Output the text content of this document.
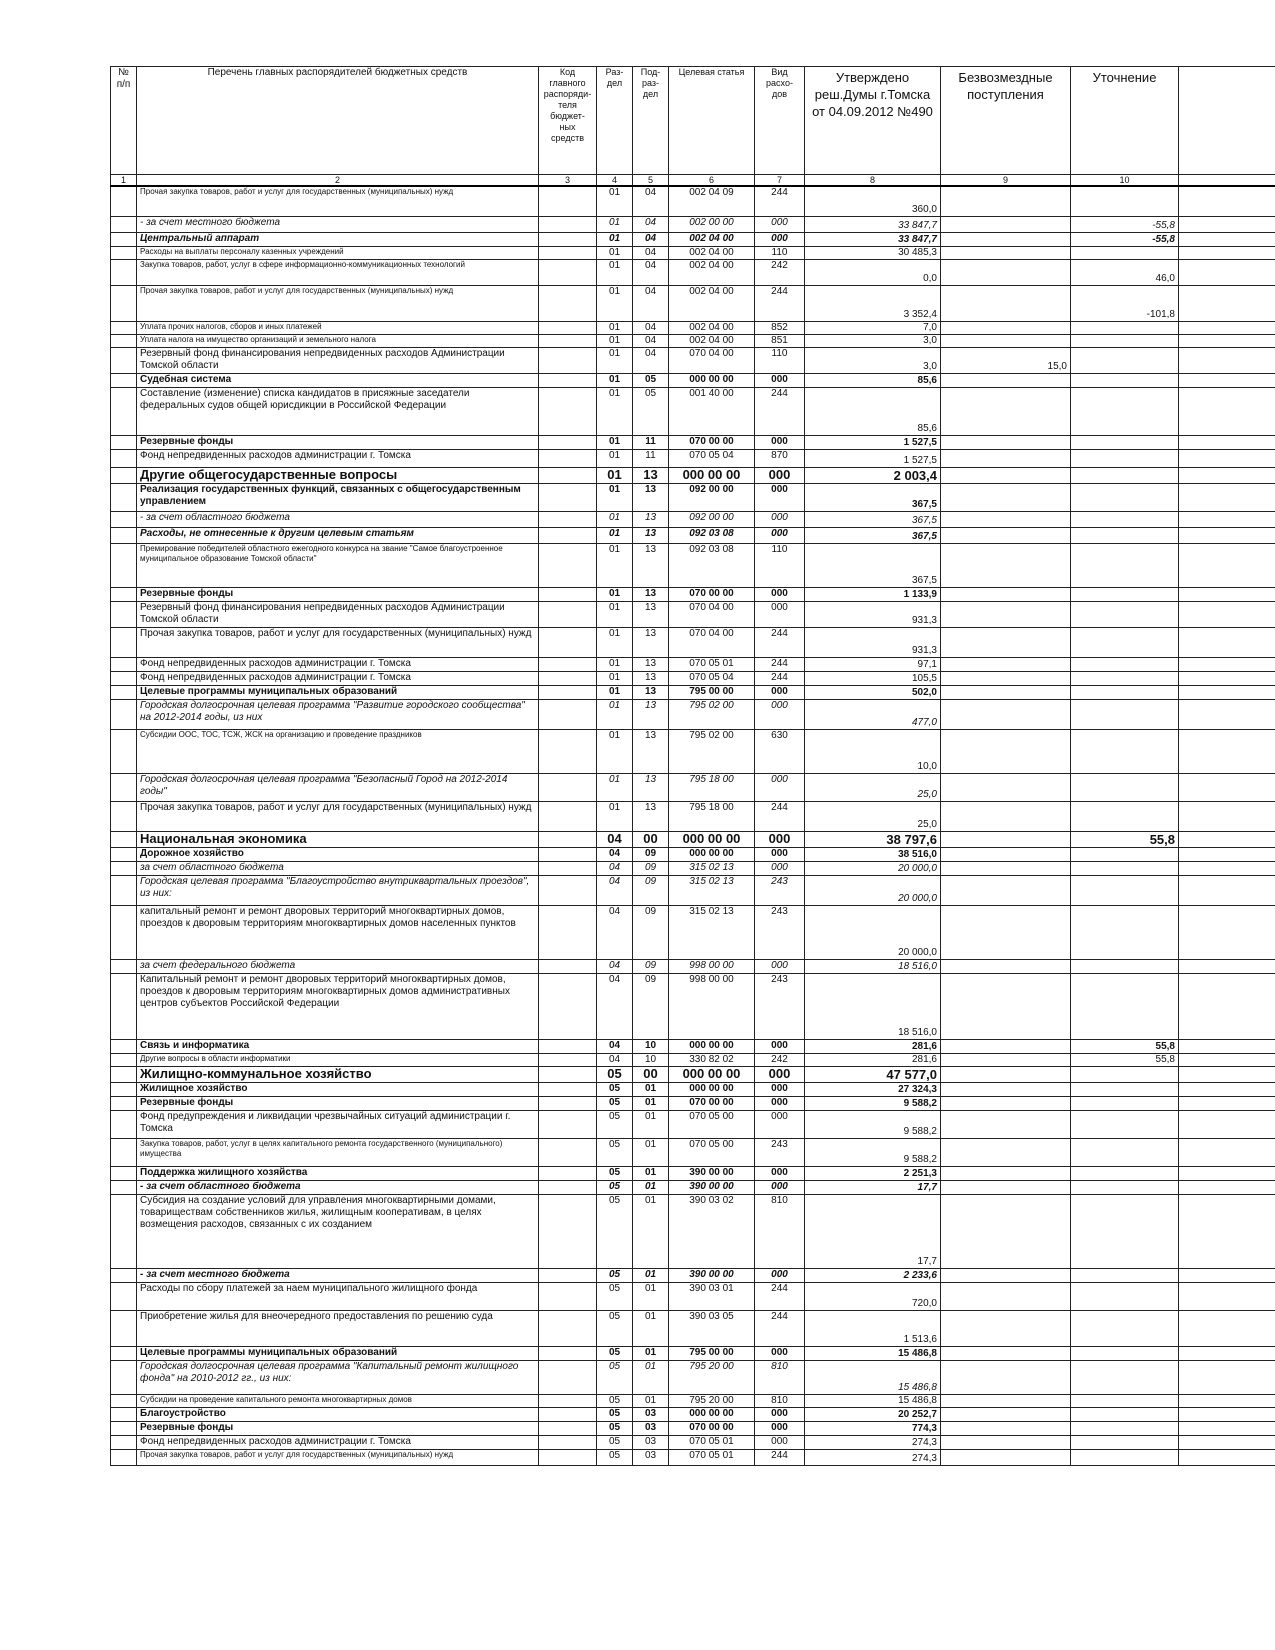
№ п/п	Перечень главных распорядителей бюджетных средств	Код главного распоряди- теля бюджет- ных средств	Раз- дел	Под- раз- дел	Целевая статья	Вид расхо- дов	Утверждено реш.Думы г.Томска от 04.09.2012 №490	Безвозмездные поступления	Уточнение	
1	2	3	4	5	6	7	8	9	10	
	Прочая закупка товаров, работ и услуг для государственных (муниципальных) нужд		01	04	002 04 09	244	360,0			
	- за счет местного бюджета		01	04	002 00 00	000	33 847,7		-55,8	
	Центральный аппарат		01	04	002 04 00	000	33 847,7		-55,8	
	Расходы на выплаты персоналу казенных учреждений		01	04	002 04 00	110	30 485,3			
	Закупка товаров, работ, услуг в сфере информационно-коммуникационных технологий		01	04	002 04 00	242	0,0		46,0	
	Прочая закупка товаров, работ и услуг для государственных (муниципальных) нужд		01	04	002 04 00	244	3 352,4		-101,8	
	Уплата прочих налогов, сборов и иных платежей		01	04	002 04 00	852	7,0			
	Уплата налога на имущество организаций и земельного налога		01	04	002 04 00	851	3,0			
	Резервный фонд финансирования непредвиденных расходов Администрации Томской области		01	04	070 04 00	110	3,0	15,0		
	Судебная система		01	05	000 00 00	000	85,6			
	Составление (изменение) списка кандидатов в присяжные заседатели федеральных судов общей юрисдикции в Российской Федерации		01	05	001 40 00	244	85,6			
	Резервные фонды		01	11	070 00 00	000	1 527,5			
	Фонд непредвиденных расходов администрации г. Томска		01	11	070 05 04	870	1 527,5			
	Другие общегосударственные вопросы		01	13	000 00 00	000	2 003,4			
	Реализация государственных функций, связанных с общегосударственным управлением		01	13	092 00 00	000	367,5			
	- за счет областного бюджета		01	13	092 00 00	000	367,5			
	Расходы, не отнесенные к другим целевым статьям		01	13	092 03 08	000	367,5			
	Премирование победителей областного ежегодного конкурса на звание "Самое благоустроенное муниципальное образование Томской области"		01	13	092 03 08	110	367,5			
	Резервные фонды		01	13	070 00 00	000	1 133,9			
	Резервный фонд финансирования непредвиденных расходов Администрации Томской области		01	13	070 04 00	000	931,3			
	Прочая закупка товаров, работ и услуг для государственных (муниципальных) нужд		01	13	070 04 00	244	931,3			
	Фонд непредвиденных расходов администрации г. Томска		01	13	070 05 01	244	97,1			
	Фонд непредвиденных расходов администрации г. Томска		01	13	070 05 04	244	105,5			
	Целевые программы муниципальных образований		01	13	795 00 00	000	502,0			
	Городская долгосрочная целевая программа "Развитие городского сообщества" на 2012-2014 годы, из них		01	13	795 02 00	000	477,0			
	Субсидии ООС, ТОС, ТСЖ, ЖСК на организацию и проведение праздников		01	13	795 02 00	630	10,0			
	Городская долгосрочная целевая программа "Безопасный Город на 2012-2014 годы"		01	13	795 18 00	000	25,0			
	Прочая закупка товаров, работ и услуг для государственных (муниципальных) нужд		01	13	795 18 00	244	25,0			
	Национальная экономика		04	00	000 00 00	000	38 797,6		55,8	
	Дорожное хозяйство		04	09	000 00 00	000	38 516,0			
	за счет областного бюджета		04	09	315 02 13	000	20 000,0			
	Городская целевая программа "Благоустройство внутриквартальных проездов", из них:		04	09	315 02 13	243	20 000,0			
	капитальный ремонт и ремонт дворовых территорий многоквартирных домов, проездов к дворовым территориям многоквартирных домов населенных пунктов		04	09	315 02 13	243	20 000,0			
	за счет федерального бюджета		04	09	998 00 00	000	18 516,0			
	Капитальный ремонт и ремонт дворовых территорий многоквартирных домов, проездов к дворовым территориям многоквартирных домов административных центров субъектов Российской Федерации		04	09	998 00 00	243	18 516,0			
	Связь и информатика		04	10	000 00 00	000	281,6		55,8	
	Другие вопросы в области информатики		04	10	330 82 02	242	281,6		55,8	
	Жилищно-коммунальное хозяйство		05	00	000 00 00	000	47 577,0			
	Жилищное хозяйство		05	01	000 00 00	000	27 324,3			
	Резервные фонды		05	01	070 00 00	000	9 588,2			
	Фонд предупреждения и ликвидации чрезвычайных ситуаций администрации г. Томска		05	01	070 05 00	000	9 588,2			
	Закупка товаров, работ, услуг в целях капитального ремонта государственного (муниципального) имущества		05	01	070 05 00	243	9 588,2			
	Поддержка жилищного хозяйства		05	01	390 00 00	000	2 251,3			
	- за счет областного бюджета		05	01	390 00 00	000	17,7			
	Субсидия на создание условий для управления многоквартирными домами, товариществам собственников жилья, жилищным кооперативам, в целях возмещения расходов, связанных с их созданием		05	01	390 03 02	810	17,7			
	- за счет местного бюджета		05	01	390 00 00	000	2 233,6			
	Расходы по сбору платежей за наем муниципального жилищного фонда		05	01	390 03 01	244	720,0			
	Приобретение жилья для внеочередного предоставления по решению суда		05	01	390 03 05	244	1 513,6			
	Целевые программы муниципальных образований		05	01	795 00 00	000	15 486,8			
	Городская долгосрочная целевая программа "Капитальный ремонт жилищного фонда" на 2010-2012 гг., из них:		05	01	795 20 00	810	15 486,8			
	Субсидии на проведение капитального ремонта многоквартирных домов		05	01	795 20 00	810	15 486,8			
	Благоустройство		05	03	000 00 00	000	20 252,7			
	Резервные фонды		05	03	070 00 00	000	774,3			
	Фонд непредвиденных расходов администрации г. Томска		05	03	070 05 01	000	274,3			
	Прочая закупка товаров, работ и услуг для государственных (муниципальных) нужд		05	03	070 05 01	244	274,3			
